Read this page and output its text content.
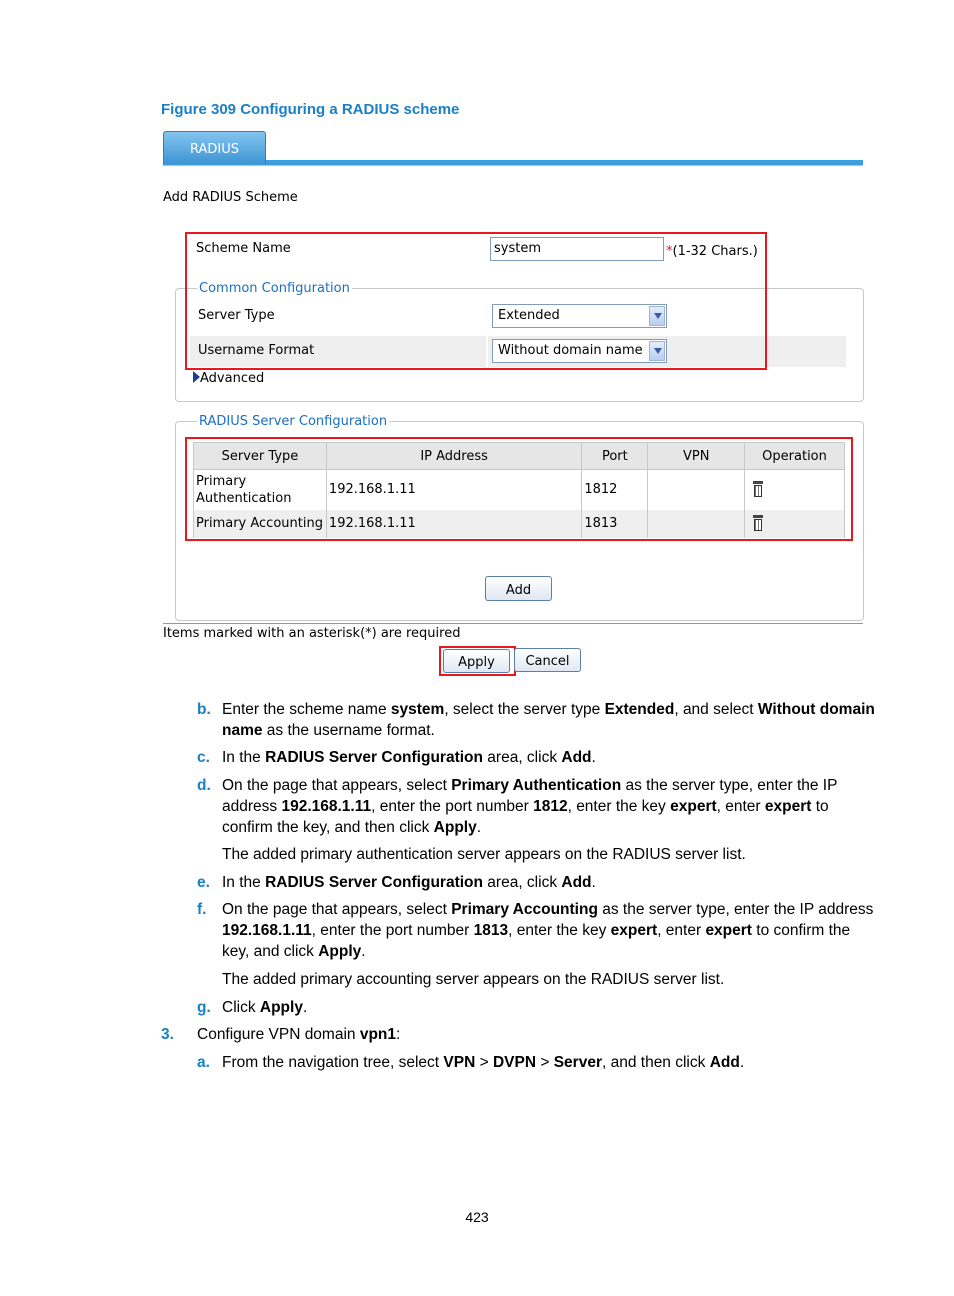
Figure 309 Configuring a RADIUS scheme
RADIUS
Add RADIUS Scheme
Common Configuration
Scheme Name	system	*(1-32 Chars.)
Server Type	Extended
Username Format	Without domain name
Advanced
RADIUS Server Configuration
Server Type	IP Address	Port	VPN	Operation
Primary Authentication	192.168.1.11	1812		
Primary Accounting	192.168.1.11	1813		
Add
Items marked with an asterisk(*) are required
Apply	Cancel
b. Enter the scheme name system, select the server type Extended, and select Without domain
name as the username format.
c. In the RADIUS Server Configuration area, click Add.
d. On the page that appears, select Primary Authentication as the server type, enter the IP
address 192.168.1.11, enter the port number 1812, enter the key expert, enter expert to
confirm the key, and then click Apply.
The added primary authentication server appears on the RADIUS server list.
e. In the RADIUS Server Configuration area, click Add.
f. On the page that appears, select Primary Accounting as the server type, enter the IP address
192.168.1.11, enter the port number 1813, enter the key expert, enter expert to confirm the
key, and click Apply.
The added primary accounting server appears on the RADIUS server list.
g. Click Apply.
3. Configure VPN domain vpn1:
a. From the navigation tree, select VPN > DVPN > Server, and then click Add.
423
